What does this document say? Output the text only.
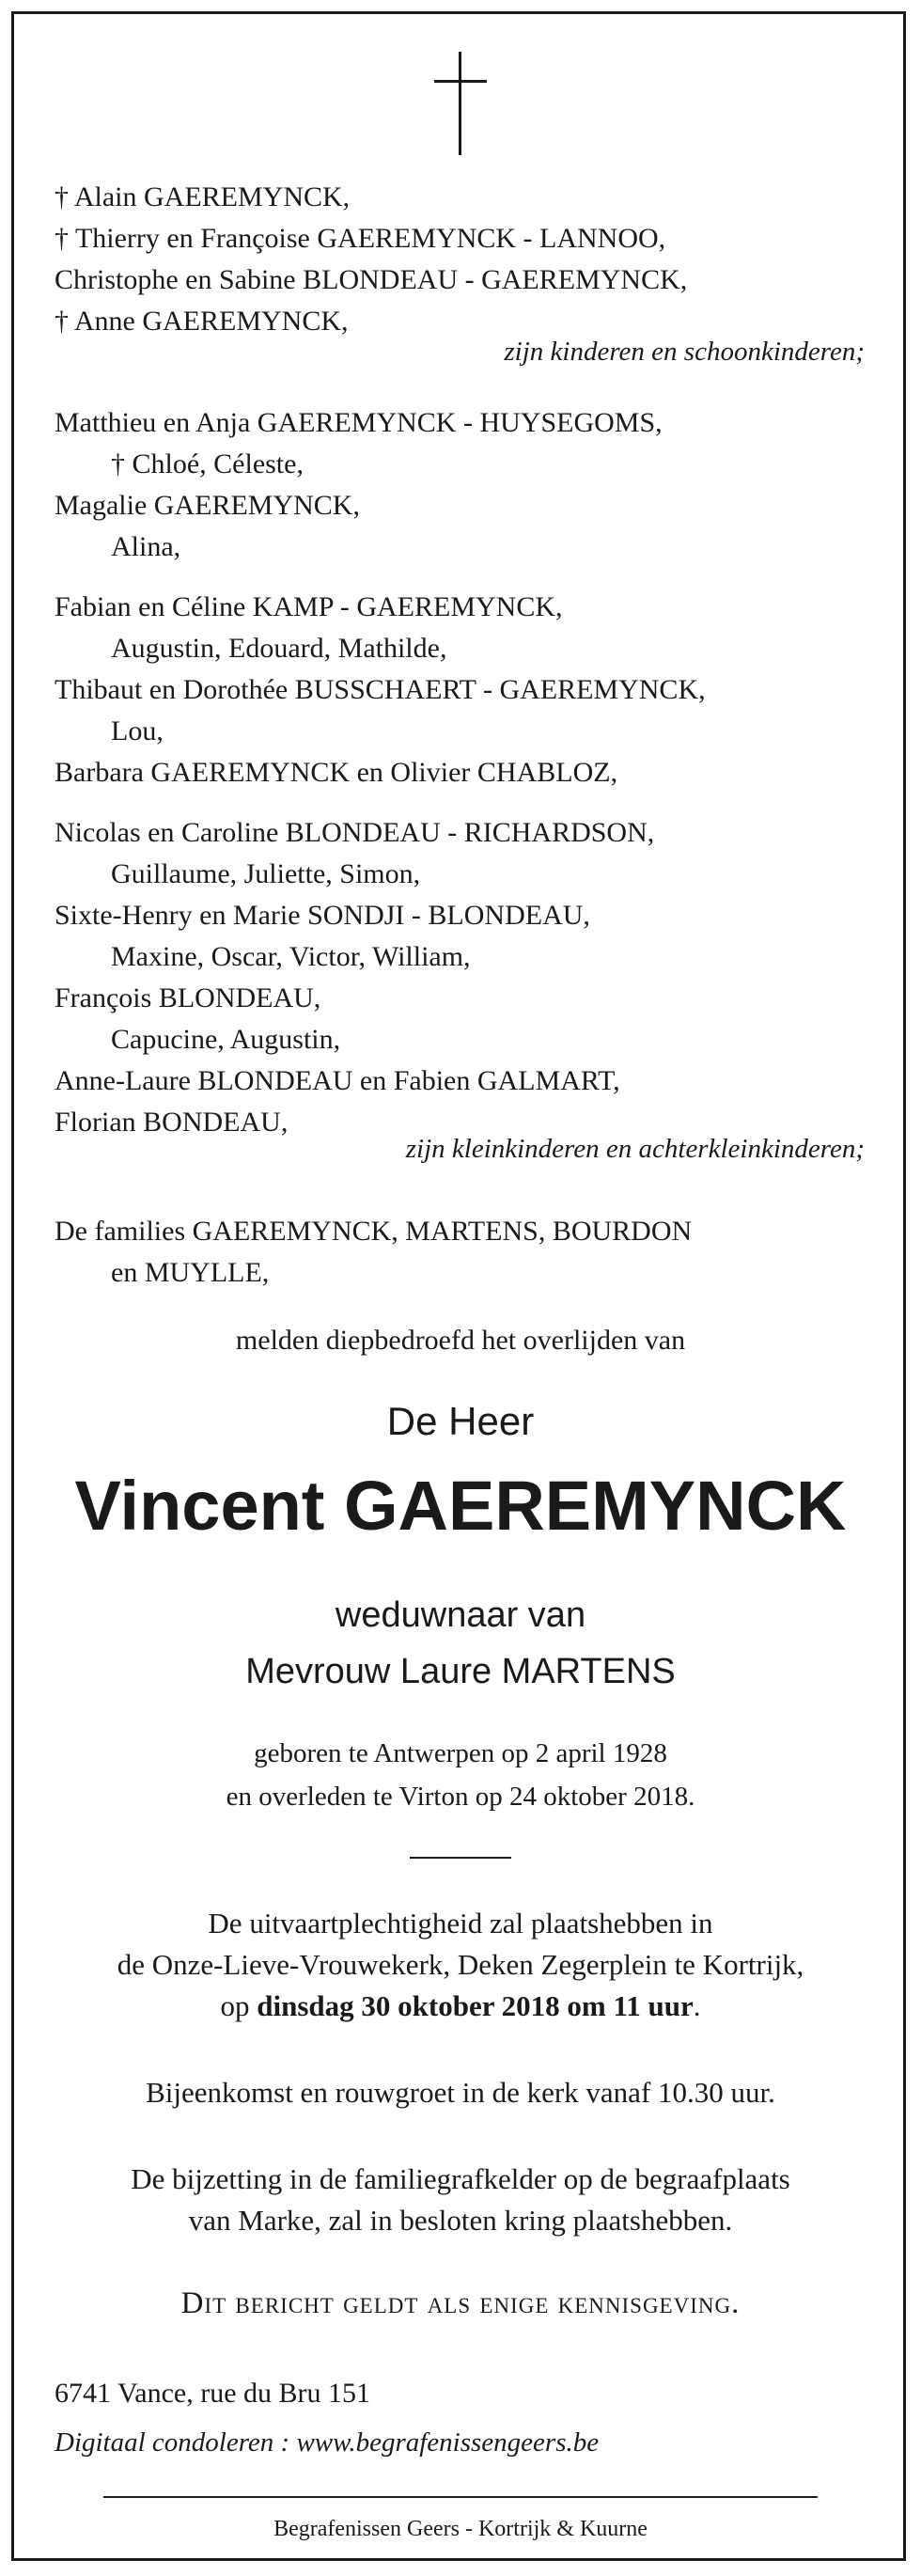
† Alain GAEREMYNCK,
† Thierry en Françoise GAEREMYNCK - LANNOO,
Christophe en Sabine BLONDEAU - GAEREMYNCK,
† Anne GAEREMYNCK,
zijn kinderen en schoonkinderen;
Matthieu en Anja GAEREMYNCK - HUYSEGOMS,
† Chloé, Céleste,
Magalie GAEREMYNCK,
Alina,
Fabian en Céline KAMP - GAEREMYNCK,
Augustin, Edouard, Mathilde,
Thibaut en Dorothée BUSSCHAERT - GAEREMYNCK,
Lou,
Barbara GAEREMYNCK en Olivier CHABLOZ,
Nicolas en Caroline BLONDEAU - RICHARDSON,
Guillaume, Juliette, Simon,
Sixte-Henry en Marie SONDJI - BLONDEAU,
Maxine, Oscar, Victor, William,
François BLONDEAU,
Capucine, Augustin,
Anne-Laure BLONDEAU en Fabien GALMART,
Florian BONDEAU,
zijn kleinkinderen en achterkleinkinderen;
De families GAEREMYNCK, MARTENS, BOURDON
en MUYLLE,
melden diepbedroefd het overlijden van
De Heer
Vincent GAEREMYNCK
weduwnaar van
Mevrouw Laure MARTENS
geboren te Antwerpen op 2 april 1928
en overleden te Virton op 24 oktober 2018.
De uitvaartplechtigheid zal plaatshebben in
de Onze-Lieve-Vrouwekerk, Deken Zegerplein te Kortrijk,
op dinsdag 30 oktober 2018 om 11 uur.
Bijeenkomst en rouwgroet in de kerk vanaf 10.30 uur.
De bijzetting in de familiegrafkelder op de begraafplaats
van Marke, zal in besloten kring plaatshebben.
Dit bericht geldt als enige kennisgeving.
6741 Vance, rue du Bru 151
Digitaal condoleren : www.begrafenissengeers.be
Begrafenissen Geers - Kortrijk & Kuurne
